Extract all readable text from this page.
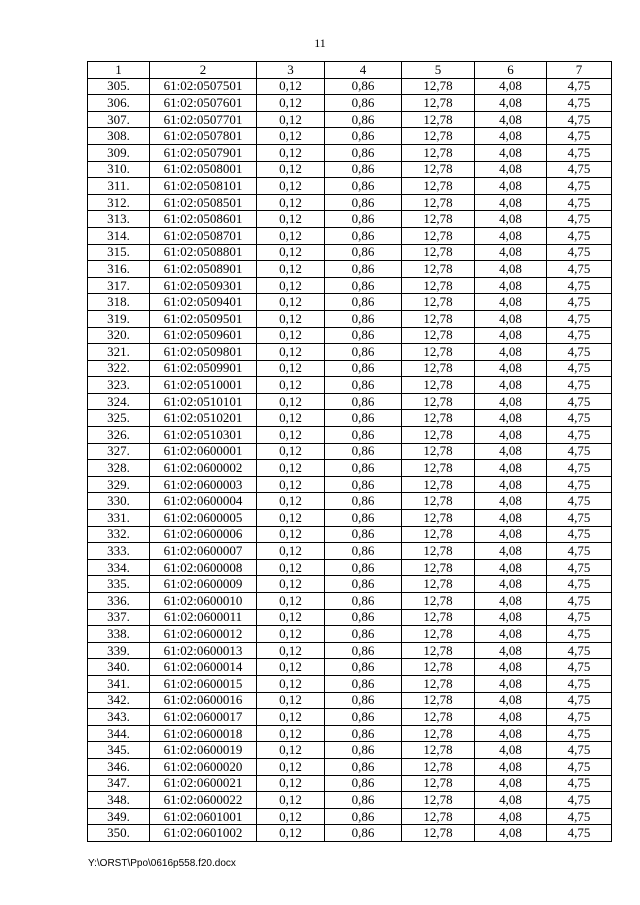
11
1	2	3	4	5	6	7
305.	61:02:0507501	0,12	0,86	12,78	4,08	4,75
306.	61:02:0507601	0,12	0,86	12,78	4,08	4,75
307.	61:02:0507701	0,12	0,86	12,78	4,08	4,75
308.	61:02:0507801	0,12	0,86	12,78	4,08	4,75
309.	61:02:0507901	0,12	0,86	12,78	4,08	4,75
310.	61:02:0508001	0,12	0,86	12,78	4,08	4,75
311.	61:02:0508101	0,12	0,86	12,78	4,08	4,75
312.	61:02:0508501	0,12	0,86	12,78	4,08	4,75
313.	61:02:0508601	0,12	0,86	12,78	4,08	4,75
314.	61:02:0508701	0,12	0,86	12,78	4,08	4,75
315.	61:02:0508801	0,12	0,86	12,78	4,08	4,75
316.	61:02:0508901	0,12	0,86	12,78	4,08	4,75
317.	61:02:0509301	0,12	0,86	12,78	4,08	4,75
318.	61:02:0509401	0,12	0,86	12,78	4,08	4,75
319.	61:02:0509501	0,12	0,86	12,78	4,08	4,75
320.	61:02:0509601	0,12	0,86	12,78	4,08	4,75
321.	61:02:0509801	0,12	0,86	12,78	4,08	4,75
322.	61:02:0509901	0,12	0,86	12,78	4,08	4,75
323.	61:02:0510001	0,12	0,86	12,78	4,08	4,75
324.	61:02:0510101	0,12	0,86	12,78	4,08	4,75
325.	61:02:0510201	0,12	0,86	12,78	4,08	4,75
326.	61:02:0510301	0,12	0,86	12,78	4,08	4,75
327.	61:02:0600001	0,12	0,86	12,78	4,08	4,75
328.	61:02:0600002	0,12	0,86	12,78	4,08	4,75
329.	61:02:0600003	0,12	0,86	12,78	4,08	4,75
330.	61:02:0600004	0,12	0,86	12,78	4,08	4,75
331.	61:02:0600005	0,12	0,86	12,78	4,08	4,75
332.	61:02:0600006	0,12	0,86	12,78	4,08	4,75
333.	61:02:0600007	0,12	0,86	12,78	4,08	4,75
334.	61:02:0600008	0,12	0,86	12,78	4,08	4,75
335.	61:02:0600009	0,12	0,86	12,78	4,08	4,75
336.	61:02:0600010	0,12	0,86	12,78	4,08	4,75
337.	61:02:0600011	0,12	0,86	12,78	4,08	4,75
338.	61:02:0600012	0,12	0,86	12,78	4,08	4,75
339.	61:02:0600013	0,12	0,86	12,78	4,08	4,75
340.	61:02:0600014	0,12	0,86	12,78	4,08	4,75
341.	61:02:0600015	0,12	0,86	12,78	4,08	4,75
342.	61:02:0600016	0,12	0,86	12,78	4,08	4,75
343.	61:02:0600017	0,12	0,86	12,78	4,08	4,75
344.	61:02:0600018	0,12	0,86	12,78	4,08	4,75
345.	61:02:0600019	0,12	0,86	12,78	4,08	4,75
346.	61:02:0600020	0,12	0,86	12,78	4,08	4,75
347.	61:02:0600021	0,12	0,86	12,78	4,08	4,75
348.	61:02:0600022	0,12	0,86	12,78	4,08	4,75
349.	61:02:0601001	0,12	0,86	12,78	4,08	4,75
350.	61:02:0601002	0,12	0,86	12,78	4,08	4,75
Y:\ORST\Ppo\0616p558.f20.docx
